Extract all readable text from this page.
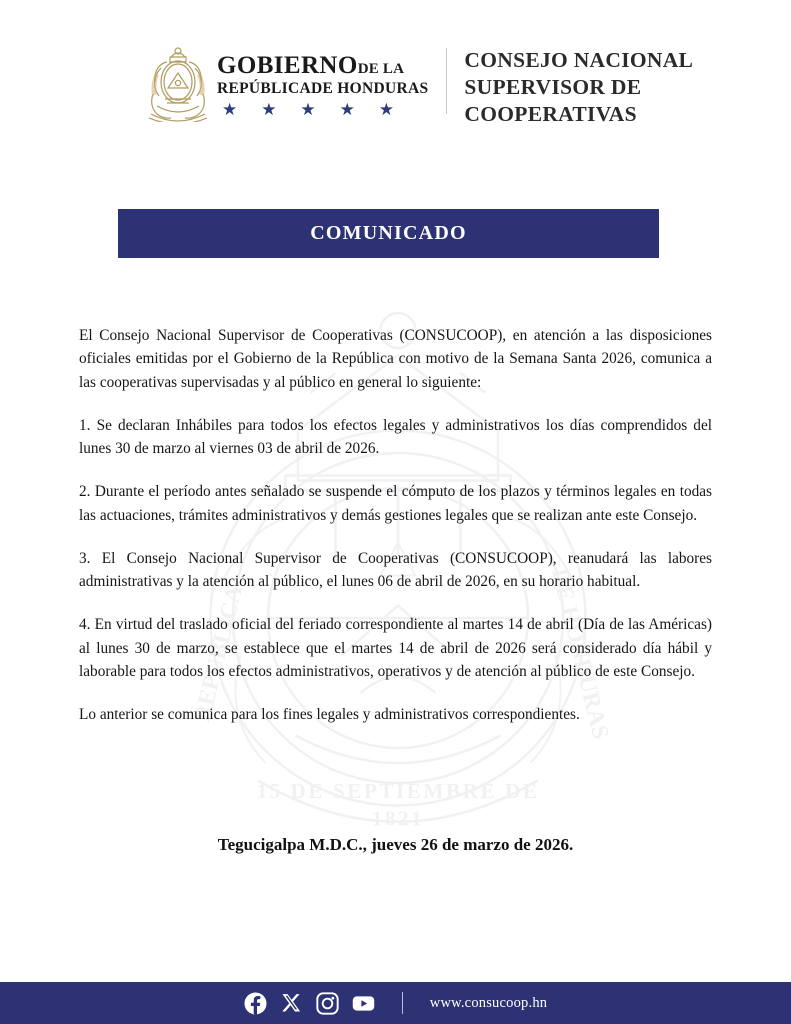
15 DE SEPTIEMBRE DE
1821
REPUBLICA	DE HONDURAS
GOBIERNODE LA
REPÚBLICADE HONDURAS
★ ★ ★ ★ ★
CONSEJO NACIONAL
SUPERVISOR DE
COOPERATIVAS
COMUNICADO

El Consejo Nacional Supervisor de Cooperativas (CONSUCOOP), en atención a las disposiciones oficiales emitidas por el Gobierno de la República con motivo de la Semana Santa 2026, comunica a las cooperativas supervisadas y al público en general lo siguiente:

1. Se declaran Inhábiles para todos los efectos legales y administrativos los días comprendidos del lunes 30 de marzo al viernes 03 de abril de 2026.

2. Durante el período antes señalado se suspende el cómputo de los plazos y términos legales en todas las actuaciones, trámites administrativos y demás gestiones legales que se realizan ante este Consejo.

3. El Consejo Nacional Supervisor de Cooperativas (CONSUCOOP), reanudará las labores administrativas y la atención al público, el lunes 06 de abril de 2026, en su horario habitual.

4. En virtud del traslado oficial del feriado correspondiente al martes 14 de abril (Día de las Américas) al lunes 30 de marzo, se establece que el martes 14 de abril de 2026 será considerado día hábil y laborable para todos los efectos administrativos, operativos y de atención al público de este Consejo.

Lo anterior se comunica para los fines legales y administrativos correspondientes.

Tegucigalpa M.D.C., jueves 26 de marzo de 2026.
www.consucoop.hn
